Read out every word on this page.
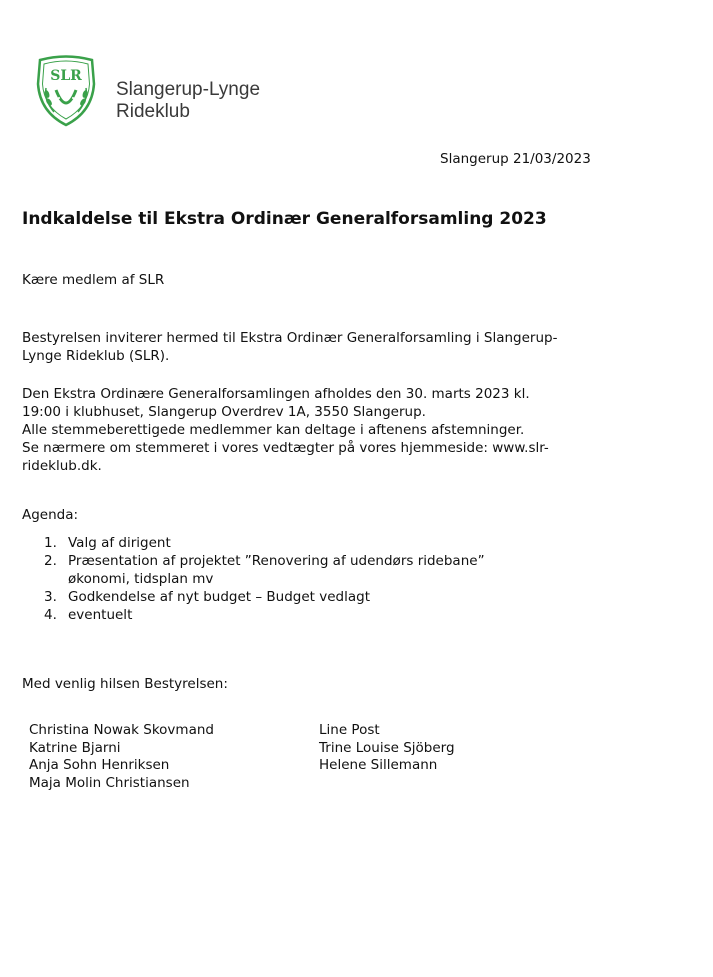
SLR
Slangerup-Lynge
Rideklub
Slangerup 21/03/2023
Indkaldelse til Ekstra Ordinær Generalforsamling 2023
Kære medlem af SLR
Bestyrelsen inviterer hermed til Ekstra Ordinær Generalforsamling i Slangerup-
Lynge Rideklub (SLR).
Den Ekstra Ordinære Generalforsamlingen afholdes den 30. marts 2023 kl.
19:00 i klubhuset, Slangerup Overdrev 1A, 3550 Slangerup.
Alle stemmeberettigede medlemmer kan deltage i aftenens afstemninger.
Se nærmere om stemmeret i vores vedtægter på vores hjemmeside: www.slr-
rideklub.dk.
Agenda:
1. Valg af dirigent
2. Præsentation af projektet ”Renovering af udendørs ridebane”
økonomi, tidsplan mv
3. Godkendelse af nyt budget – Budget vedlagt
4. eventuelt
Med venlig hilsen Bestyrelsen:
Christina Nowak Skovmand
Katrine Bjarni
Anja Sohn Henriksen
Maja Molin Christiansen
Line Post
Trine Louise Sjöberg
Helene Sillemann
